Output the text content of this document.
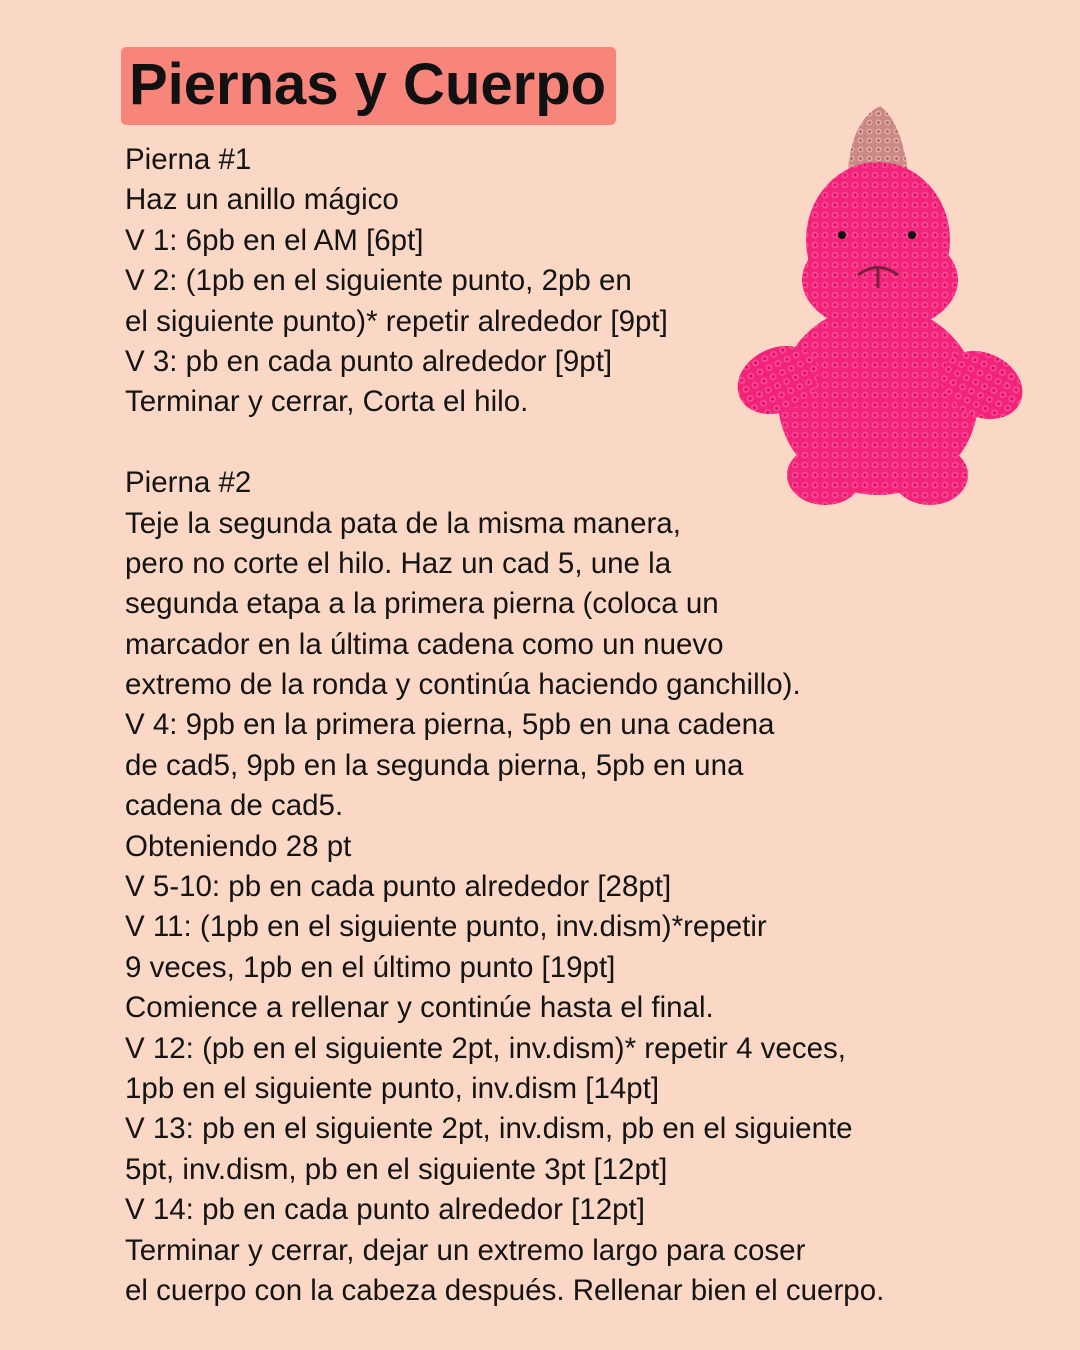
Piernas y Cuerpo
Pierna #1
Haz un anillo mágico
V 1: 6pb en el AM [6pt]
V 2: (1pb en el siguiente punto, 2pb en
el siguiente punto)* repetir alrededor [9pt]
V 3: pb en cada punto alrededor [9pt]
Terminar y cerrar, Corta el hilo.
Pierna #2
Teje la segunda pata de la misma manera,
pero no corte el hilo. Haz un cad 5, une la
segunda etapa a la primera pierna (coloca un
marcador en la última cadena como un nuevo
extremo de la ronda y continúa haciendo ganchillo).
V 4: 9pb en la primera pierna, 5pb en una cadena
de cad5, 9pb en la segunda pierna, 5pb en una
cadena de cad5.
Obteniendo 28 pt
V 5-10: pb en cada punto alrededor [28pt]
V 11: (1pb en el siguiente punto, inv.dism)*repetir
9 veces, 1pb en el último punto [19pt]
Comience a rellenar y continúe hasta el final.
V 12: (pb en el siguiente 2pt, inv.dism)* repetir 4 veces,
1pb en el siguiente punto, inv.dism [14pt]
V 13: pb en el siguiente 2pt, inv.dism, pb en el siguiente
5pt, inv.dism, pb en el siguiente 3pt [12pt]
V 14: pb en cada punto alrededor [12pt]
Terminar y cerrar, dejar un extremo largo para coser
el cuerpo con la cabeza después. Rellenar bien el cuerpo.
